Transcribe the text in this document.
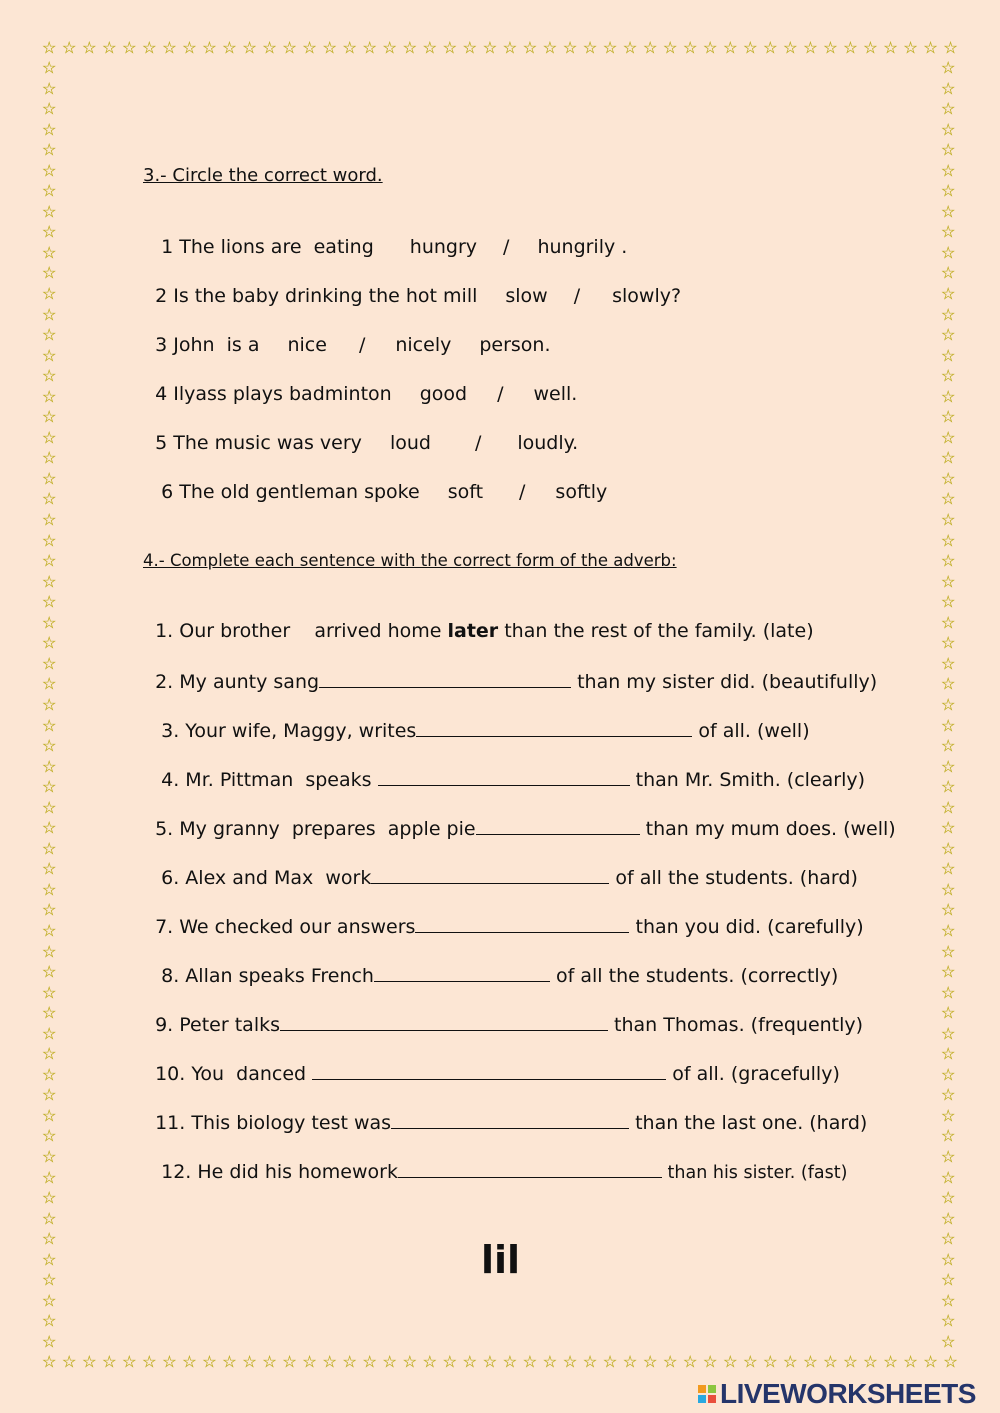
☆ ☆ ☆ ☆ ☆ ☆ ☆ ☆ ☆ ☆ ☆ ☆ ☆ ☆ ☆ ☆ ☆ ☆ ☆ ☆ ☆ ☆ ☆ ☆ ☆ ☆ ☆ ☆ ☆ ☆ ☆ ☆ ☆ ☆ ☆ ☆ ☆ ☆ ☆ ☆ ☆ ☆ ☆ ☆ ☆ ☆
☆ ☆ ☆ ☆ ☆ ☆ ☆ ☆ ☆ ☆ ☆ ☆ ☆ ☆ ☆ ☆ ☆ ☆ ☆ ☆ ☆ ☆ ☆ ☆ ☆ ☆ ☆ ☆ ☆ ☆ ☆ ☆ ☆ ☆ ☆ ☆ ☆ ☆ ☆ ☆ ☆ ☆ ☆ ☆ ☆ ☆
☆
☆
☆
☆
☆
☆
☆
☆
☆
☆
☆
☆
☆
☆
☆
☆
☆
☆
☆
☆
☆
☆
☆
☆
☆
☆
☆
☆
☆
☆
☆
☆
☆
☆
☆
☆
☆
☆
☆
☆
☆
☆
☆
☆
☆
☆
☆
☆
☆
☆
☆
☆
☆
☆
☆
☆
☆
☆
☆
☆
☆
☆
☆
☆
☆
☆
☆
☆
☆
☆
☆
☆
☆
☆
☆
☆
☆
☆
☆
☆
☆
☆
☆
☆
☆
☆
☆
☆
☆
☆
☆
☆
☆
☆
☆
☆
☆
☆
☆
☆
☆
☆
☆
☆
☆
☆
☆
☆
☆
☆
☆
☆
☆
☆
☆
☆
☆
☆
☆
☆
☆
☆
☆
☆
☆
☆
3.- Circle the correct word.

1 The lions are  eating hungry / hungrily .

2 Is the baby drinking the hot mill slow / slowly?

3 John  is a nice / nicely person.

4 Ilyass plays badminton good / well.

5 The music was very loud / loudly.

6 The old gentleman spoke soft / softly

4.- Complete each sentence with the correct form of the adverb:

1. Our brother    arrived home later than the rest of the family. (late)

2. My aunty sang	than my sister did. (beautifully)

3. Your wife, Maggy, writes	of all. (well)

4. Mr. Pittman  speaks	than Mr. Smith. (clearly)

5. My granny  prepares  apple pie	than my mum does. (well)

6. Alex and Max  work	of all the students. (hard)

7. We checked our answers	than you did. (carefully)

8. Allan speaks French	of all the students. (correctly)

9. Peter talks	than Thomas. (frequently)

10. You  danced	of all. (gracefully)

11. This biology test was	than the last one. (hard)

12. He did his homework	than his sister. (fast)

lil
LIVEWORKSHEETS
